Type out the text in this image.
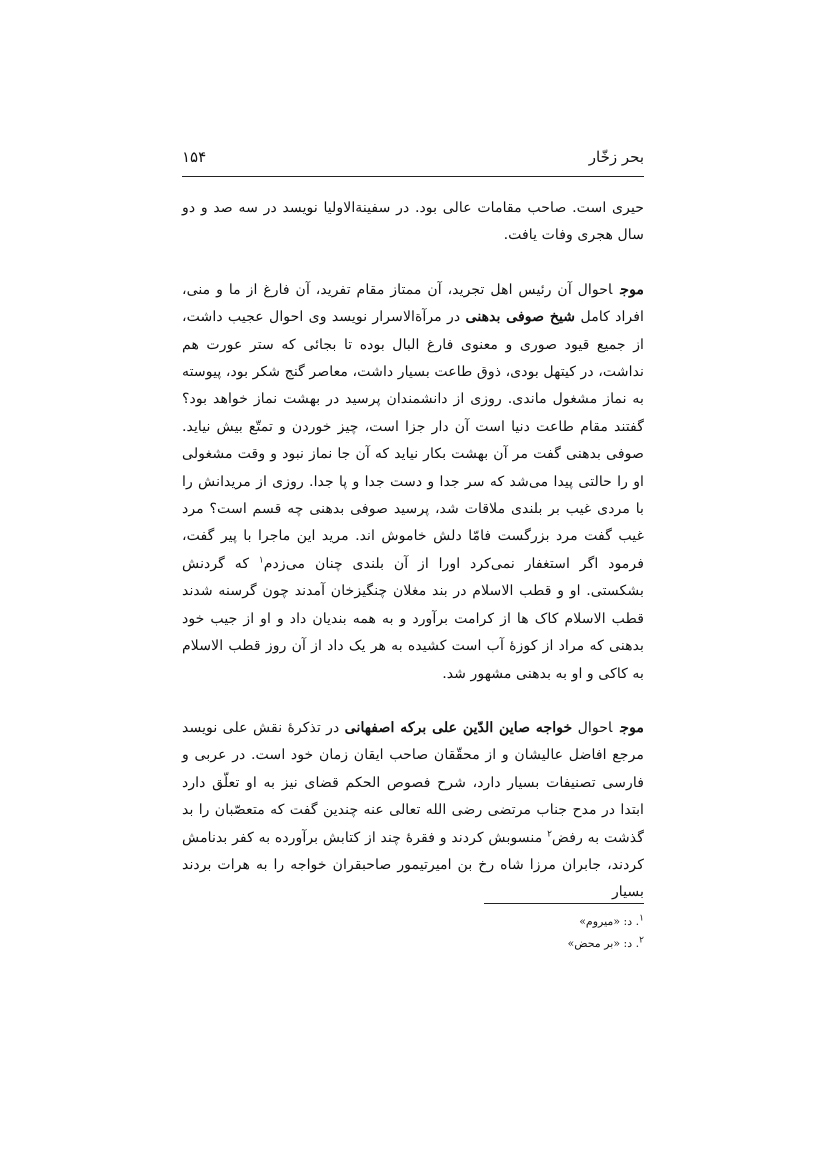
بحر زخّار
۱۵۴

حیری است. صاحب مقامات عالی بود. در سفینةالاولیا نویسد در سه صد و دو سال هجری وفات یافت.

موجاحوال آن رئیس اهل تجرید، آن ممتاز مقام تفرید، آن فارغ از ما و منی، افراد کامل شیخ صوفی بدهنی در مرآةالاسرار نویسد وی احوال عجیب داشت، از جمیع قیود صوری و معنوی فارغ البال بوده تا بجائی که ستر عورت هم نداشت، در کیتهل بودی، ذوق طاعت بسیار داشت، معاصر گنج شکر بود، پیوسته به نماز مشغول ماندی. روزی از دانشمندان پرسید در بهشت نماز خواهد بود؟ گفتند مقام طاعت دنیا است آن دار جزا است، چیز خوردن و تمتّع بیش نیاید. صوفی بدهنی گفت مر آن بهشت بکار نیاید که آن جا نماز نبود و وقت مشغولی او را حالتی پیدا می‌شد که سر جدا و دست جدا و پا جدا. روزی از مریدانش را با مردی غیب بر بلندی ملاقات شد، پرسید صوفی بدهنی چه قسم است؟ مرد غیب گفت مرد بزرگست فامّا دلش خاموش اند. مرید این ماجرا با پیر گفت، فرمود اگر استغفار نمی‌کرد اورا از آن بلندی چنان می‌زدم$^۱$ که گردنش بشکستی. او و قطب الاسلام در بند مغلان چنگیزخان آمدند چون گرسنه شدند قطب الاسلام کاک ها از کرامت برآورد و به همه بندیان داد و او از جیب خود بدهنی که مراد از کوزهٔ آب است کشیده به هر یک داد از آن روز قطب الاسلام به کاکی و او به بدهنی مشهور شد.

موجاحوال خواجه صاین الدّین علی بر‌که اصفهانی در تذکرهٔ نقش علی نویسد مرجع افاضل عالیشان و از محقّقان صاحب ایقان زمان خود است. در عربی و فارسی تصنیفات بسیار دارد، شرح فصوص الحکم قضای نیز به او تعلّق دارد ابتدا در مدح جناب مرتضی رضی الله تعالی عنه چندین گفت که متعصّبان را بد گذشت به رفض$^۲$ منسوبش کردند و فقرهٔ چند از کتابش برآورده به کفر بدنامش کردند، جابران مرزا شاه رخ بن امیرتیمور صاحبقران خواجه را به هرات بردند بسیار

$^۱$. د: «میروم»

$^۲$. د: «بر محض»
